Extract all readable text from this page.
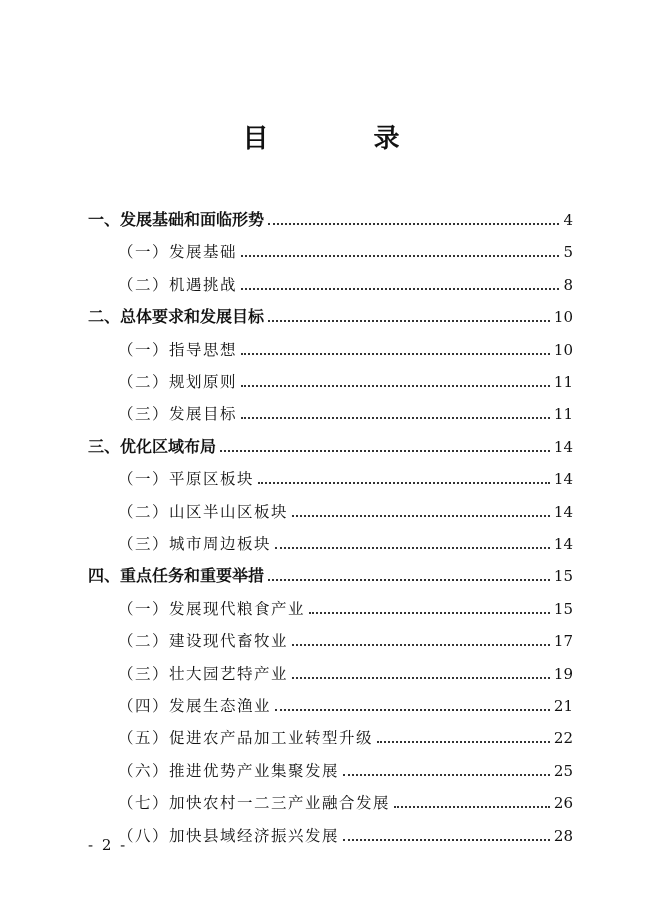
目 录
一、发展基础和面临形势	4
（一）发展基础	5
（二）机遇挑战	8
二、总体要求和发展目标	10
（一）指导思想	10
（二）规划原则	11
（三）发展目标	11
三、优化区域布局	14
（一）平原区板块	14
（二）山区半山区板块	14
（三）城市周边板块	14
四、重点任务和重要举措	15
（一）发展现代粮食产业	15
（二）建设现代畜牧业	17
（三）壮大园艺特产业	19
（四）发展生态渔业	21
（五）促进农产品加工业转型升级	22
（六）推进优势产业集聚发展	25
（七）加快农村一二三产业融合发展	26
（八）加快县域经济振兴发展	28
- 2 -
